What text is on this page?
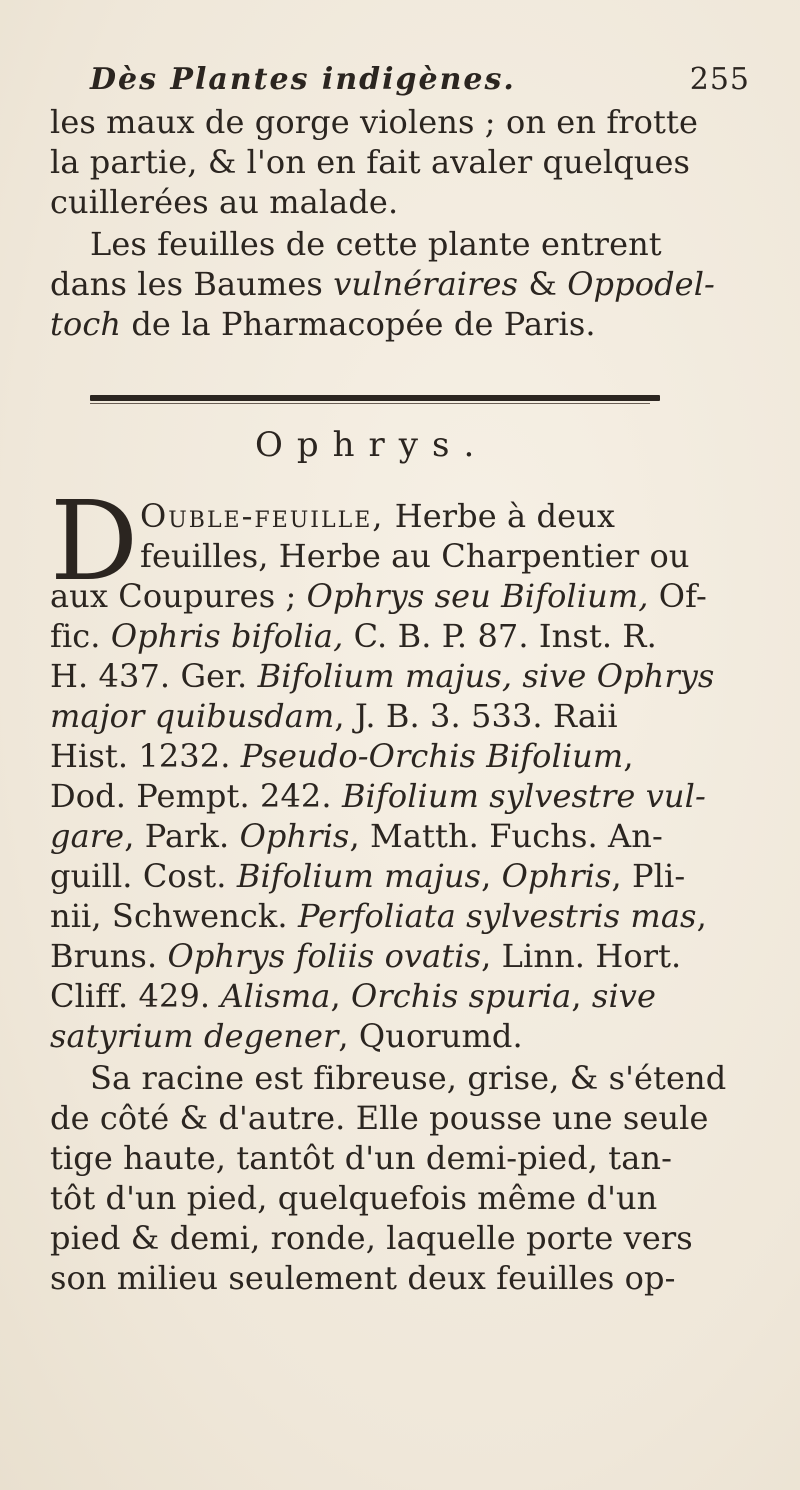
Dès Plantes indigènes.	255
les maux de gorge violens ; on en frotte
la partie, & l'on en fait avaler quelques
cuillerées au malade.
Les feuilles de cette plante entrent
dans les Baumes vulnéraires & Oppodel-
toch de la Pharmacopée de Paris.
Ophrys.
D Ouble-feuille, Herbe à deux
feuilles, Herbe au Charpentier ou
aux Coupures ; Ophrys seu Bifolium, Of-
fic. Ophris bifolia, C. B. P. 87. Inst. R.
H. 437. Ger. Bifolium majus, sive Ophrys
major quibusdam, J. B. 3. 533. Raii
Hist. 1232. Pseudo-Orchis Bifolium,
Dod. Pempt. 242. Bifolium sylvestre vul-
gare, Park. Ophris, Matth. Fuchs. An-
guill. Cost. Bifolium majus, Ophris, Pli-
nii, Schwenck. Perfoliata sylvestris mas,
Bruns. Ophrys foliis ovatis, Linn. Hort.
Cliff. 429. Alisma, Orchis spuria, sive
satyrium degener, Quorumd.
Sa racine est fibreuse, grise, & s'étend
de côté & d'autre. Elle pousse une seule
tige haute, tantôt d'un demi-pied, tan-
tôt d'un pied, quelquefois même d'un
pied & demi, ronde, laquelle porte vers
son milieu seulement deux feuilles op-
